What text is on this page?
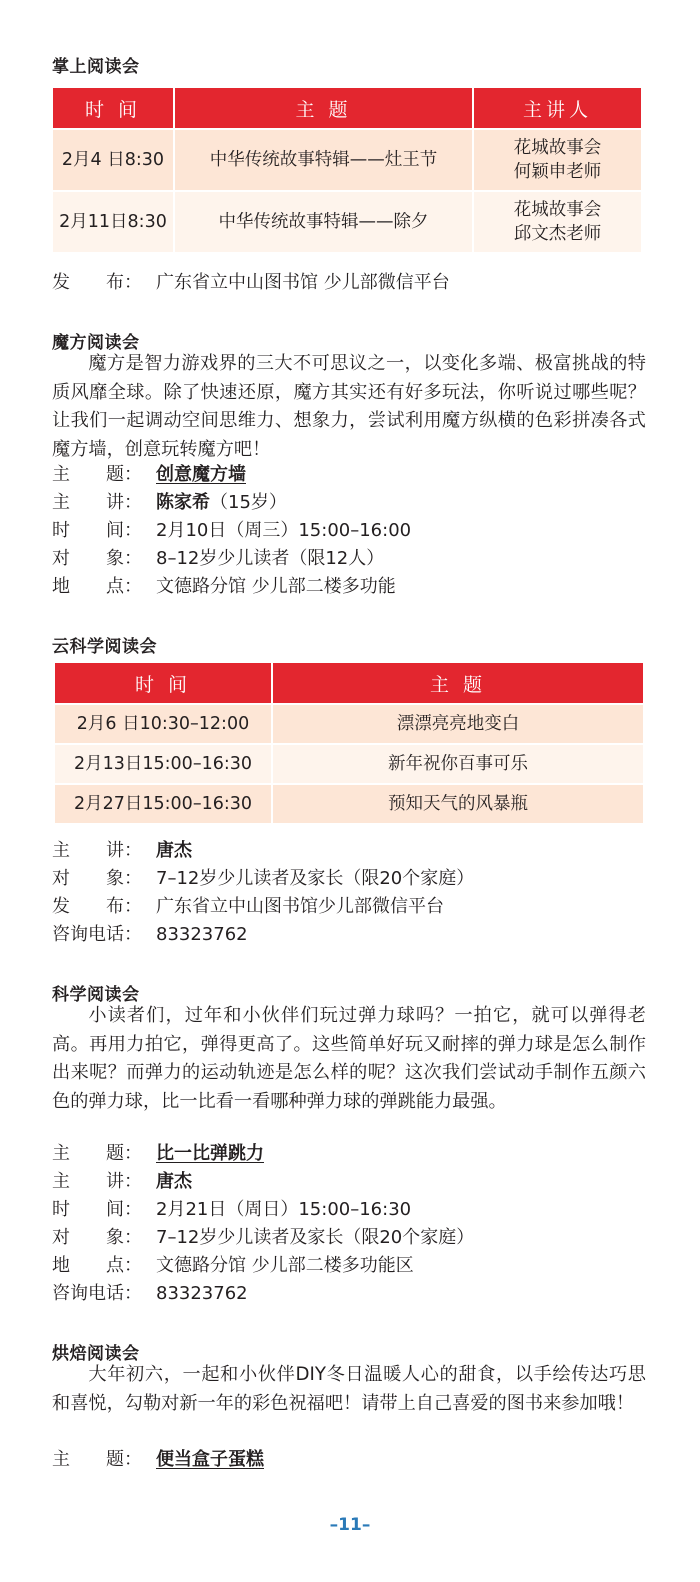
掌上阅读会
时 间	主 题	主讲人
2月4 日8:30	中华传统故事特辑——灶王节	花城故事会
何颖申老师

2月11日8:30	中华传统故事特辑——除夕	花城故事会
邱文杰老师
发　　布： 广东省立中山图书馆 少儿部微信平台
魔方阅读会

魔方是智力游戏界的三大不可思议之一，以变化多端、极富挑战的特质风靡全球。除了快速还原，魔方其实还有好多玩法，你听说过哪些呢？让我们一起调动空间思维力、想象力，尝试利用魔方纵横的色彩拼凑各式魔方墙，创意玩转魔方吧！

主　　题： 创意魔方墙
主　　讲： 陈家希（15岁）
时　　间： 2月10日（周三）15:00–16:00
对　　象： 8–12岁少儿读者（限12人）
地　　点： 文德路分馆 少儿部二楼多功能
云科学阅读会
时 间	主 题
2月6 日10:30–12:00	漂漂亮亮地变白
2月13日15:00–16:30	新年祝你百事可乐
2月27日15:00–16:30	预知天气的风暴瓶
主　　讲： 唐杰
对　　象： 7–12岁少儿读者及家长（限20个家庭）
发　　布： 广东省立中山图书馆少儿部微信平台
咨询电话： 83323762
科学阅读会

小读者们，过年和小伙伴们玩过弹力球吗？一拍它，就可以弹得老高。再用力拍它，弹得更高了。这些简单好玩又耐摔的弹力球是怎么制作出来呢？而弹力的运动轨迹是怎么样的呢？这次我们尝试动手制作五颜六色的弹力球，比一比看一看哪种弹力球的弹跳能力最强。

主　　题： 比一比弹跳力
主　　讲： 唐杰
时　　间： 2月21日（周日）15:00–16:30
对　　象： 7–12岁少儿读者及家长（限20个家庭）
地　　点： 文德路分馆 少儿部二楼多功能区
咨询电话： 83323762
烘焙阅读会

大年初六，一起和小伙伴DIY冬日温暖人心的甜食，以手绘传达巧思和喜悦，勾勒对新一年的彩色祝福吧！请带上自己喜爱的图书来参加哦！

主　　题： 便当盒子蛋糕
–11–
